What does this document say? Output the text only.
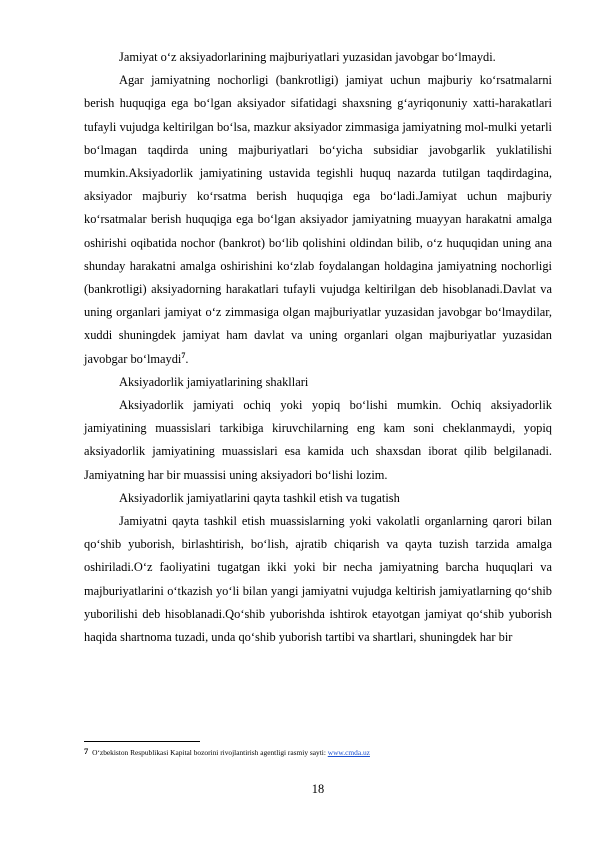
Jamiyat o‘z aksiyadorlarining majburiyatlari yuzasidan javobgar bo‘lmaydi.

Agar jamiyatning nochorligi (bankrotligi) jamiyat uchun majburiy ko‘rsatmalarni berish huquqiga ega bo‘lgan aksiyador sifatidagi shaxsning g‘ayriqonuniy xatti-harakatlari tufayli vujudga keltirilgan bo‘lsa, mazkur aksiyador zimmasiga jamiyatning mol-mulki yetarli bo‘lmagan taqdirda uning majburiyatlari bo‘yicha subsidiar javobgarlik yuklatilishi mumkin.Aksiyadorlik jamiyatining ustavida tegishli huquq nazarda tutilgan taqdirdagina, aksiyador majburiy ko‘rsatma berish huquqiga ega bo‘ladi.Jamiyat uchun majburiy ko‘rsatmalar berish huquqiga ega bo‘lgan aksiyador jamiyatning muayyan harakatni amalga oshirishi oqibatida nochor (bankrot) bo‘lib qolishini oldindan bilib, o‘z huquqidan uning ana shunday harakatni amalga oshirishini ko‘zlab foydalangan holdagina jamiyatning nochorligi (bankrotligi) aksiyadorning harakatlari tufayli vujudga keltirilgan deb hisoblanadi.Davlat va uning organlari jamiyat o‘z zimmasiga olgan majburiyatlar yuzasidan javobgar bo‘lmaydilar, xuddi shuningdek jamiyat ham davlat va uning organlari olgan majburiyatlar yuzasidan javobgar bo‘lmaydi$^7$.

Aksiyadorlik jamiyatlarining shakllari

Aksiyadorlik jamiyati ochiq yoki yopiq bo‘lishi mumkin. Ochiq aksiyadorlik jamiyatining muassislari tarkibiga kiruvchilarning eng kam soni cheklanmaydi, yopiq aksiyadorlik jamiyatining muassislari esa kamida uch shaxsdan iborat qilib belgilanadi. Jamiyatning har bir muassisi uning aksiyadori bo‘lishi lozim.

Aksiyadorlik jamiyatlarini qayta tashkil etish va tugatish

Jamiyatni qayta tashkil etish muassislarning yoki vakolatli organlarning qarori bilan qo‘shib yuborish, birlashtirish, bo‘lish, ajratib chiqarish va qayta tuzish tarzida amalga oshiriladi.O‘z faoliyatini tugatgan ikki yoki bir necha jamiyatning barcha huquqlari va majburiyatlarini o‘tkazish yo‘li bilan yangi jamiyatni vujudga keltirish jamiyatlarning qo‘shib yuborilishi deb hisoblanadi.Qo‘shib yuborishda ishtirok etayotgan jamiyat qo‘shib yuborish haqida shartnoma tuzadi, unda qo‘shib yuborish tartibi va shartlari, shuningdek har bir

7 O‘zbekiston Respublikasi Kapital bozorini rivojlantirish agentligi rasmiy sayti: www.cmda.uz
18
